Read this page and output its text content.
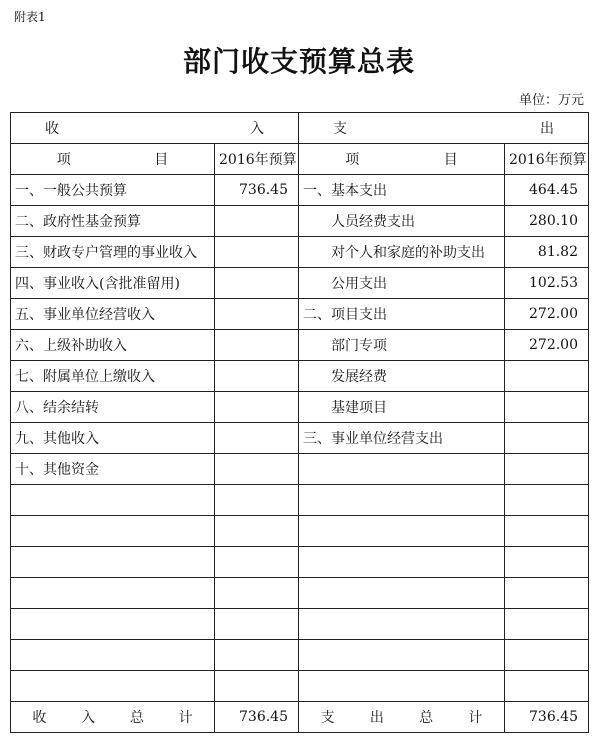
附表1
部门收支预算总表
单位：万元
收 入		支 出	

项 目	2016年预算	项 目	2016年预算
一、一般公共预算	736.45	一、基本支出	464.45
二、政府性基金预算		人员经费支出	280.10
三、财政专户管理的事业收入		对个人和家庭的补助支出	81.82
四、事业收入(含批准留用)		公用支出	102.53
五、事业单位经营收入		二、项目支出	272.00
六、上级补助收入		部门专项	272.00
七、附属单位上缴收入		发展经费	
八、结余结转		基建项目	
九、其他收入		三、事业单位经营支出	
十、其他资金			

收 入 总 计	736.45	支 出 总 计	736.45
